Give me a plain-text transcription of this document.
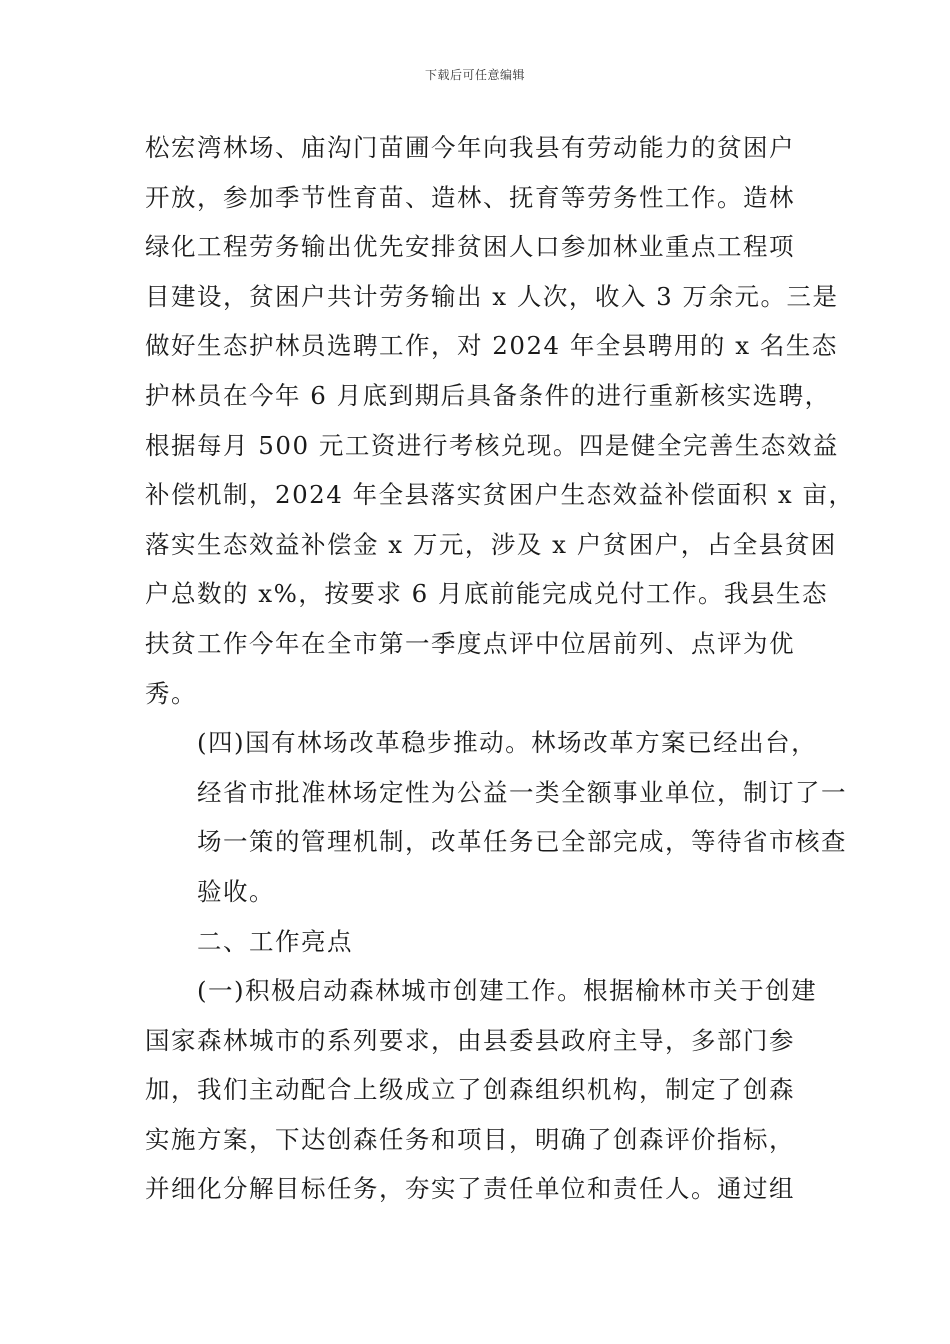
下载后可任意编辑

松宏湾林场、庙沟门苗圃今年向我县有劳动能力的贫困户
开放，参加季节性育苗、造林、抚育等劳务性工作。造林
绿化工程劳务输出优先安排贫困人口参加林业重点工程项
目建设，贫困户共计劳务输出 x 人次，收入 3 万余元。三是
做好生态护林员选聘工作，对 2024 年全县聘用的 x 名生态
护林员在今年 6 月底到期后具备条件的进行重新核实选聘，
根据每月 500 元工资进行考核兑现。四是健全完善生态效益
补偿机制，2024 年全县落实贫困户生态效益补偿面积 x 亩，
落实生态效益补偿金 x 万元，涉及 x 户贫困户，占全县贫困
户总数的 x%，按要求 6 月底前能完成兑付工作。我县生态
扶贫工作今年在全市第一季度点评中位居前列、点评为优
秀。

(四)国有林场改革稳步推动。林场改革方案已经出台，
经省市批准林场定性为公益一类全额事业单位，制订了一
场一策的管理机制，改革任务已全部完成，等待省市核查
验收。

二、工作亮点

(一)积极启动森林城市创建工作。根据榆林市关于创建
国家森林城市的系列要求，由县委县政府主导，多部门参
加，我们主动配合上级成立了创森组织机构，制定了创森
实施方案，下达创森任务和项目，明确了创森评价指标，
并细化分解目标任务，夯实了责任单位和责任人。通过组
